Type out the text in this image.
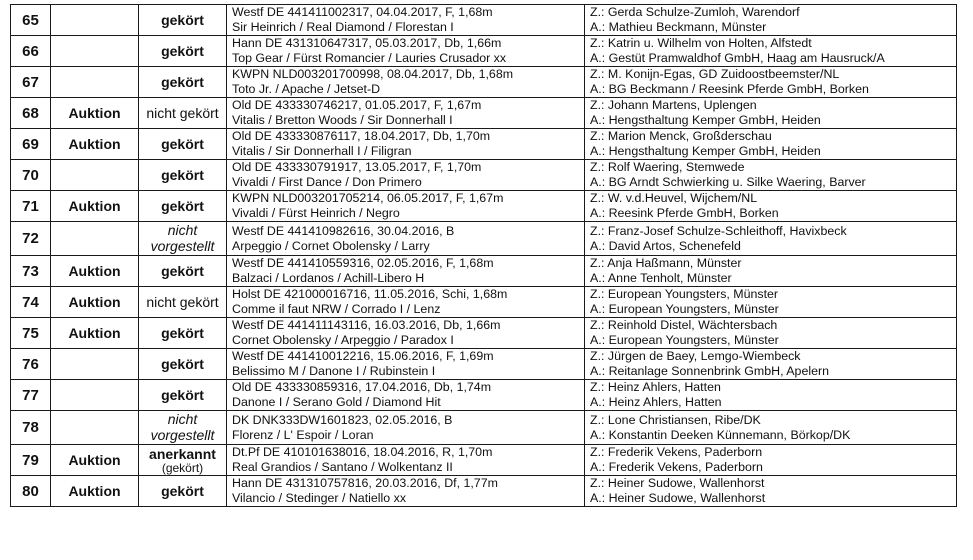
65		gekört	Westf DE 441411002317, 04.04.2017, F, 1,68m
Sir Heinrich / Real Diamond / Florestan I	Z.: Gerda Schulze-Zumloh, Warendorf
A.: Mathieu Beckmann, Münster

66		gekört	Hann DE 431310647317, 05.03.2017, Db, 1,66m
Top Gear / Fürst Romancier / Lauries Crusador xx	Z.: Katrin u. Wilhelm von Holten, Alfstedt
A.: Gestüt Pramwaldhof GmbH, Haag am Hausruck/A

67		gekört	KWPN NLD003201700998, 08.04.2017, Db, 1,68m
Toto Jr. / Apache / Jetset-D	Z.: M. Konijn-Egas, GD Zuidoostbeemster/NL
A.: BG Beckmann / Reesink Pferde GmbH, Borken

68	Auktion	nicht gekört	Old DE 433330746217, 01.05.2017, F, 1,67m
Vitalis / Bretton Woods / Sir Donnerhall I	Z.: Johann Martens, Uplengen
A.: Hengsthaltung Kemper GmbH, Heiden

69	Auktion	gekört	Old DE 433330876117, 18.04.2017, Db, 1,70m
Vitalis / Sir Donnerhall I / Filigran	Z.: Marion Menck, Großderschau
A.: Hengsthaltung Kemper GmbH, Heiden

70		gekört	Old DE 433330791917, 13.05.2017, F, 1,70m
Vivaldi / First Dance / Don Primero	Z.: Rolf Waering, Stemwede
A.: BG Arndt Schwierking u. Silke Waering, Barver

71	Auktion	gekört	KWPN NLD003201705214, 06.05.2017, F, 1,67m
Vivaldi / Fürst Heinrich / Negro	Z.: W. v.d.Heuvel, Wijchem/NL
A.: Reesink Pferde GmbH, Borken

72		nicht
vorgestellt	Westf DE 441410982616, 30.04.2016, B
Arpeggio / Cornet Obolensky / Larry	Z.: Franz-Josef Schulze-Schleithoff, Havixbeck
A.: David Artos, Schenefeld

73	Auktion	gekört	Westf DE 441410559316, 02.05.2016, F, 1,68m
Balzaci / Lordanos / Achill-Libero H	Z.: Anja Haßmann, Münster
A.: Anne Tenholt, Münster

74	Auktion	nicht gekört	Holst DE 421000016716, 11.05.2016, Schi, 1,68m
Comme il faut NRW / Corrado I / Lenz	Z.: European Youngsters, Münster
A.: European Youngsters, Münster

75	Auktion	gekört	Westf DE 441411143116, 16.03.2016, Db, 1,66m
Cornet Obolensky / Arpeggio / Paradox I	Z.: Reinhold Distel, Wächtersbach
A.: European Youngsters, Münster

76		gekört	Westf DE 441410012216, 15.06.2016, F, 1,69m
Belissimo M / Danone I / Rubinstein I	Z.: Jürgen de Baey, Lemgo-Wiembeck
A.: Reitanlage Sonnenbrink GmbH, Apelern

77		gekört	Old DE 433330859316, 17.04.2016, Db, 1,74m
Danone I / Serano Gold / Diamond Hit	Z.: Heinz Ahlers, Hatten
A.: Heinz Ahlers, Hatten

78		nicht
vorgestellt	DK DNK333DW1601823, 02.05.2016, B
Florenz / L' Espoir / Loran	Z.: Lone Christiansen, Ribe/DK
A.: Konstantin Deeken Künnemann, Börkop/DK

79	Auktion	anerkannt
(gekört)	Dt.Pf DE 410101638016, 18.04.2016, R, 1,70m
Real Grandios / Santano / Wolkentanz II	Z.: Frederik Vekens, Paderborn
A.: Frederik Vekens, Paderborn

80	Auktion	gekört	Hann DE 431310757816, 20.03.2016, Df, 1,77m
Vilancio / Stedinger / Natiello xx	Z.: Heiner Sudowe, Wallenhorst
A.: Heiner Sudowe, Wallenhorst
